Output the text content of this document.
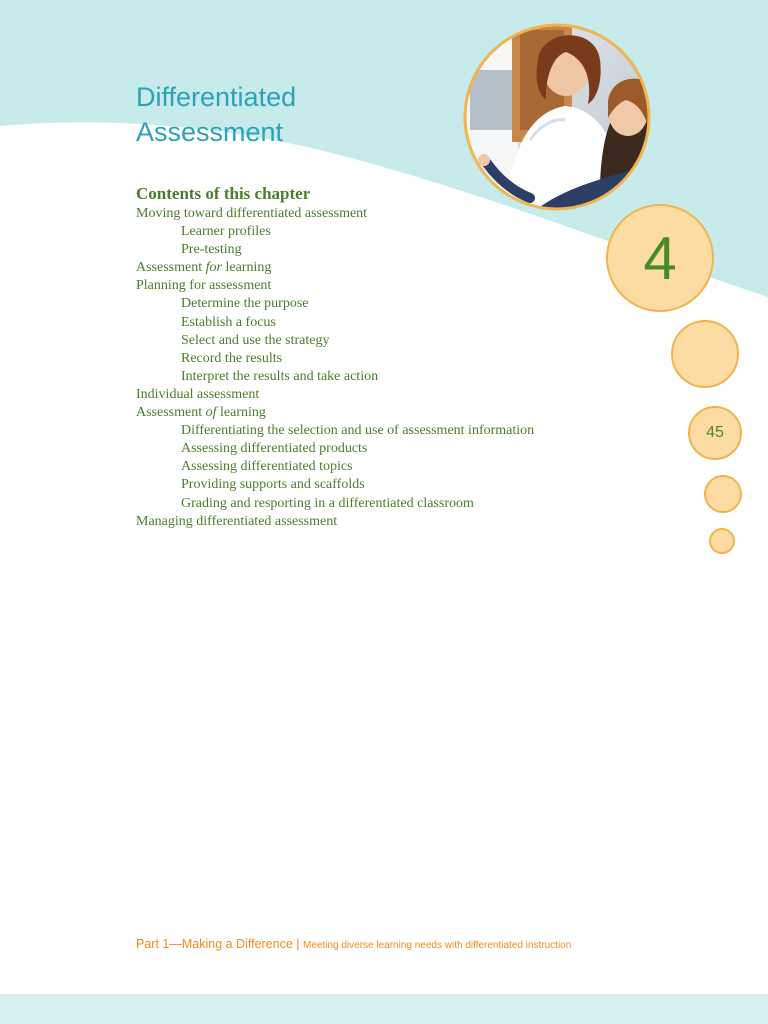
Differentiated
Assessment
4
45
Contents of this chapter
Moving toward differentiated assessment
Learner profiles
Pre-testing
Assessment for learning
Planning for assessment
Determine the purpose
Establish a focus
Select and use the strategy
Record the results
Interpret the results and take action
Individual assessment
Assessment of learning
Differentiating the selection and use of assessment information
Assessing differentiated products
Assessing differentiated topics
Providing supports and scaffolds
Grading and resporting in a differentiated classroom
Managing differentiated assessment
Part 1—Making a Difference | Meeting diverse learning needs with differentiated instruction
